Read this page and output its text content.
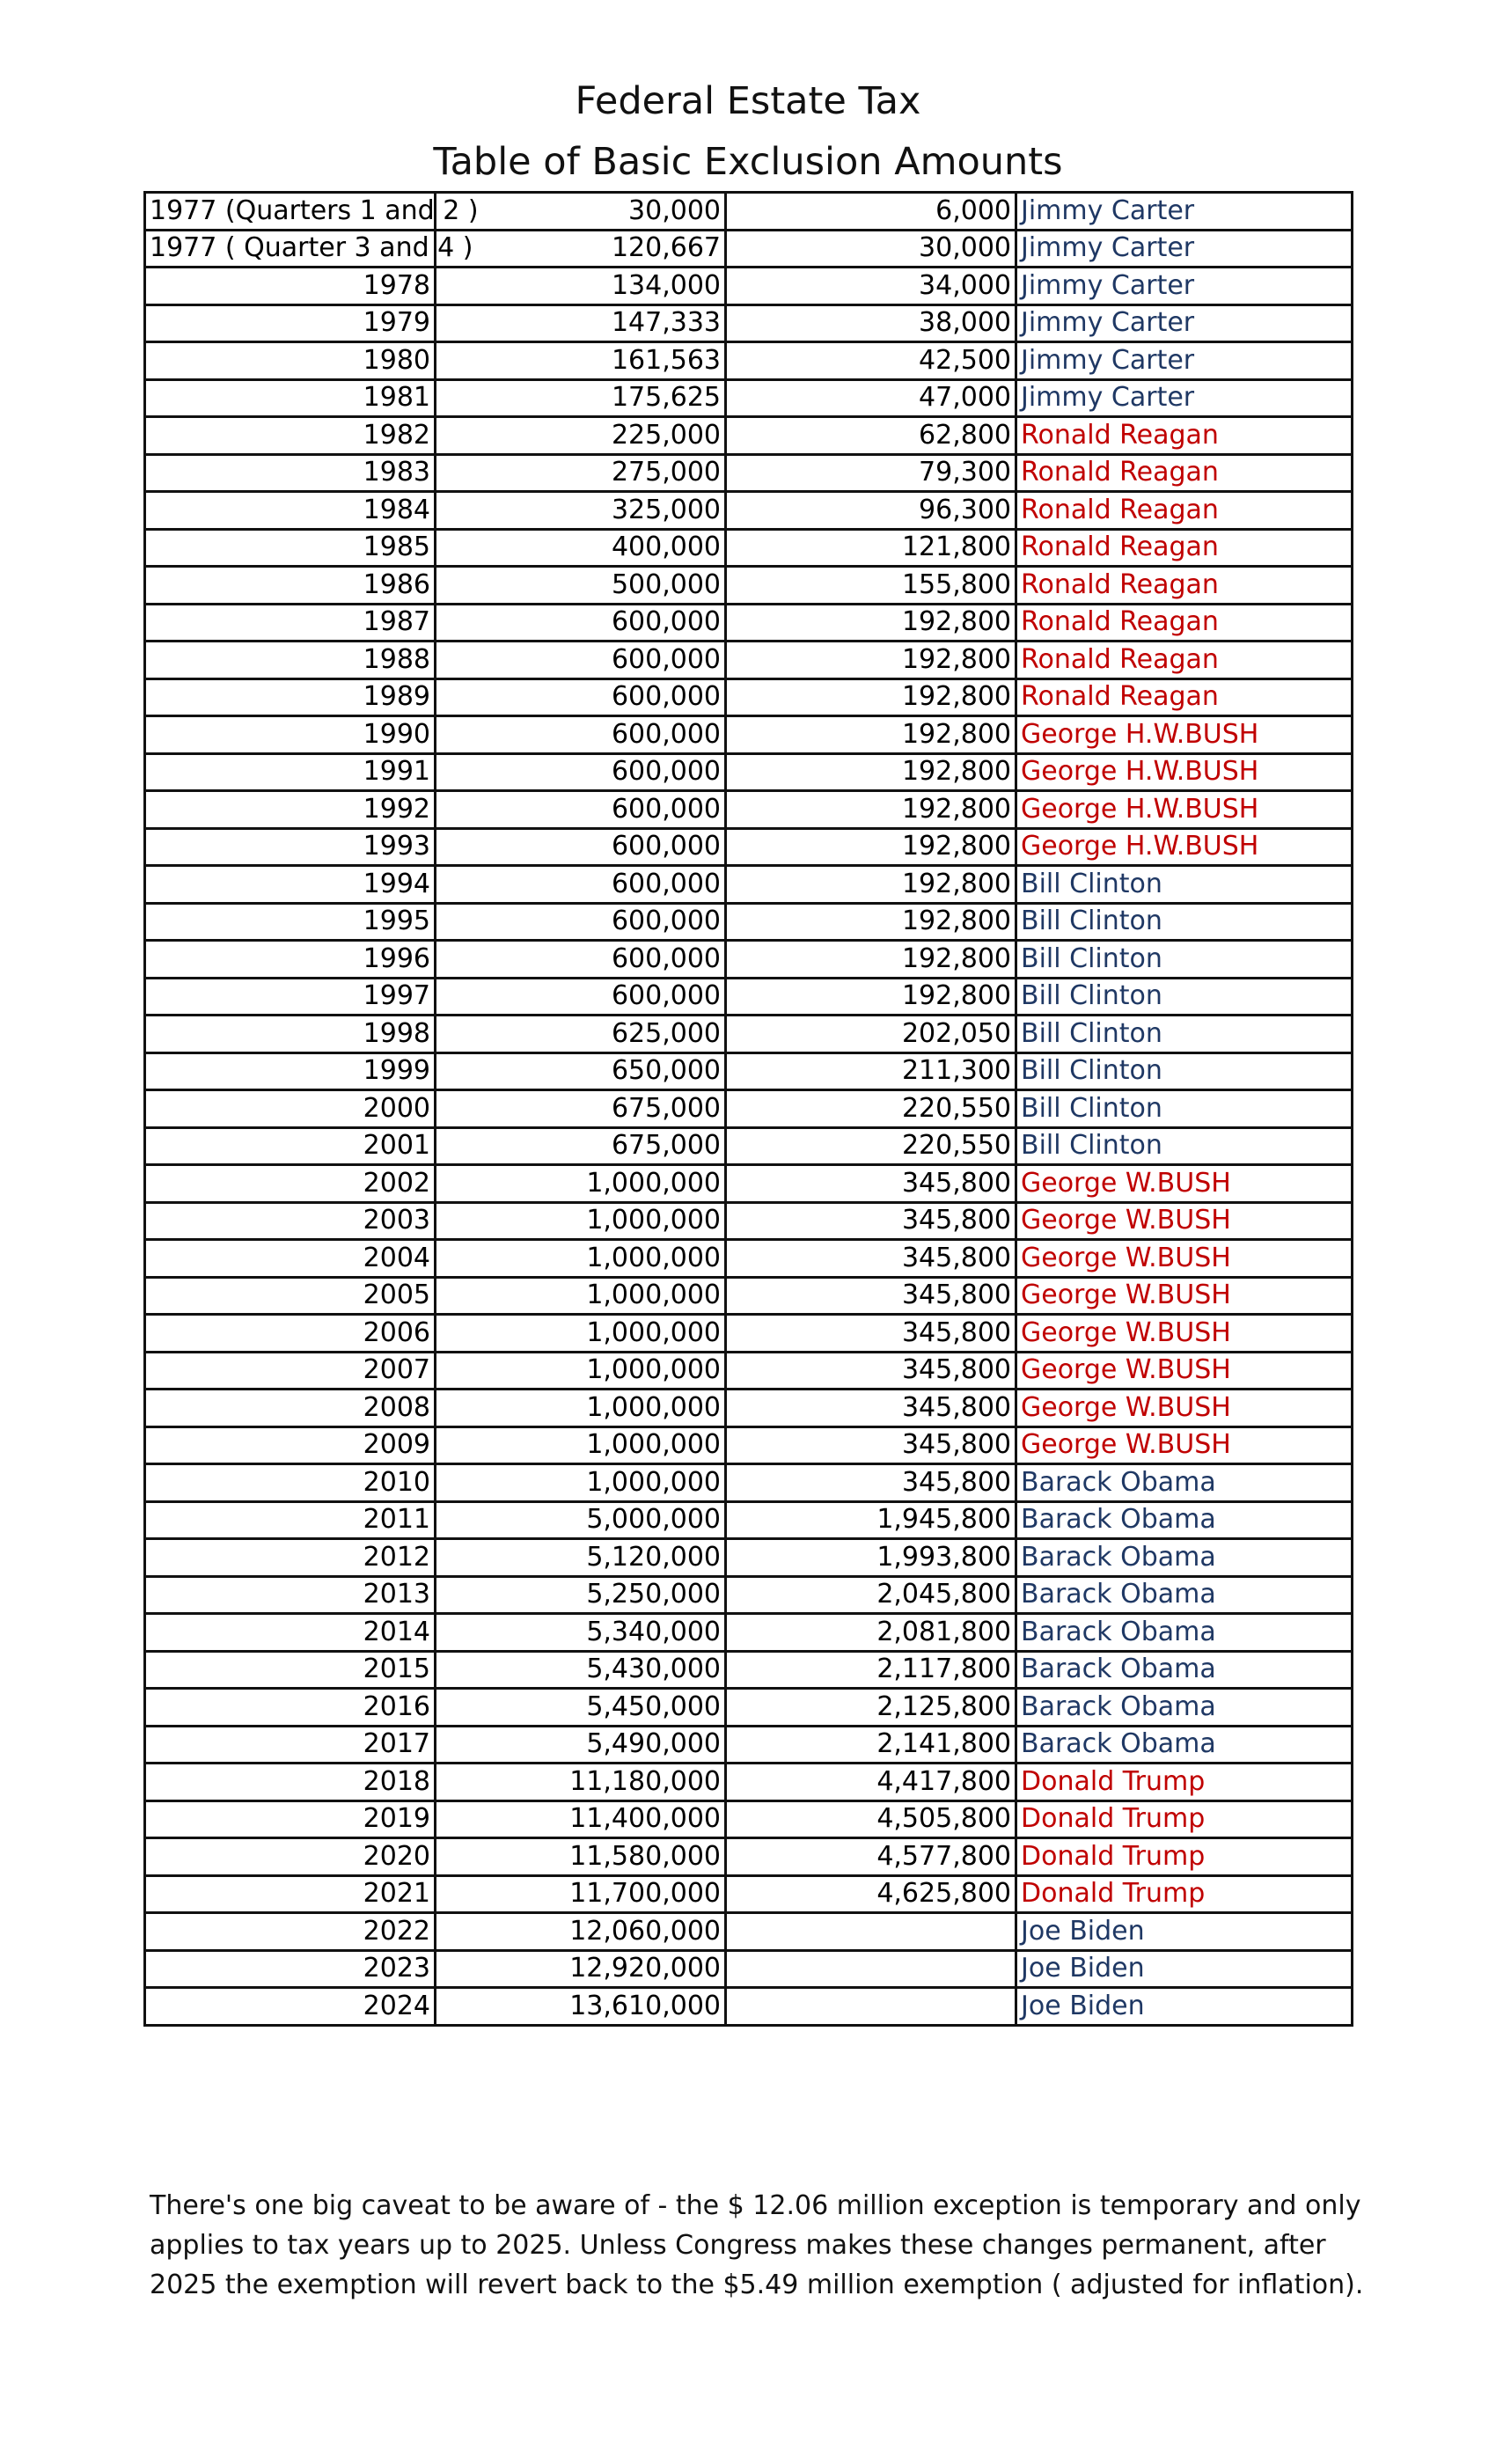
Federal Estate Tax
Table of Basic Exclusion Amounts
1977 (Quarters 1 and 2 )	30,000	6,000	Jimmy Carter
1977 ( Quarter 3 and 4 )	120,667	30,000	Jimmy Carter
1978	134,000	34,000	Jimmy Carter
1979	147,333	38,000	Jimmy Carter
1980	161,563	42,500	Jimmy Carter
1981	175,625	47,000	Jimmy Carter
1982	225,000	62,800	Ronald Reagan
1983	275,000	79,300	Ronald Reagan
1984	325,000	96,300	Ronald Reagan
1985	400,000	121,800	Ronald Reagan
1986	500,000	155,800	Ronald Reagan
1987	600,000	192,800	Ronald Reagan
1988	600,000	192,800	Ronald Reagan
1989	600,000	192,800	Ronald Reagan
1990	600,000	192,800	George H.W.BUSH
1991	600,000	192,800	George H.W.BUSH
1992	600,000	192,800	George H.W.BUSH
1993	600,000	192,800	George H.W.BUSH
1994	600,000	192,800	Bill Clinton
1995	600,000	192,800	Bill Clinton
1996	600,000	192,800	Bill Clinton
1997	600,000	192,800	Bill Clinton
1998	625,000	202,050	Bill Clinton
1999	650,000	211,300	Bill Clinton
2000	675,000	220,550	Bill Clinton
2001	675,000	220,550	Bill Clinton
2002	1,000,000	345,800	George W.BUSH
2003	1,000,000	345,800	George W.BUSH
2004	1,000,000	345,800	George W.BUSH
2005	1,000,000	345,800	George W.BUSH
2006	1,000,000	345,800	George W.BUSH
2007	1,000,000	345,800	George W.BUSH
2008	1,000,000	345,800	George W.BUSH
2009	1,000,000	345,800	George W.BUSH
2010	1,000,000	345,800	Barack Obama
2011	5,000,000	1,945,800	Barack Obama
2012	5,120,000	1,993,800	Barack Obama
2013	5,250,000	2,045,800	Barack Obama
2014	5,340,000	2,081,800	Barack Obama
2015	5,430,000	2,117,800	Barack Obama
2016	5,450,000	2,125,800	Barack Obama
2017	5,490,000	2,141,800	Barack Obama
2018	11,180,000	4,417,800	Donald Trump
2019	11,400,000	4,505,800	Donald Trump
2020	11,580,000	4,577,800	Donald Trump
2021	11,700,000	4,625,800	Donald Trump
2022	12,060,000		Joe Biden
2023	12,920,000		Joe Biden
2024	13,610,000		Joe Biden
There's one big caveat to be aware of - the $ 12.06 million exception is temporary and only applies to tax years up to 2025. Unless Congress makes these changes permanent, after 2025 the exemption will revert back to the $5.49 million exemption ( adjusted for inflation).
